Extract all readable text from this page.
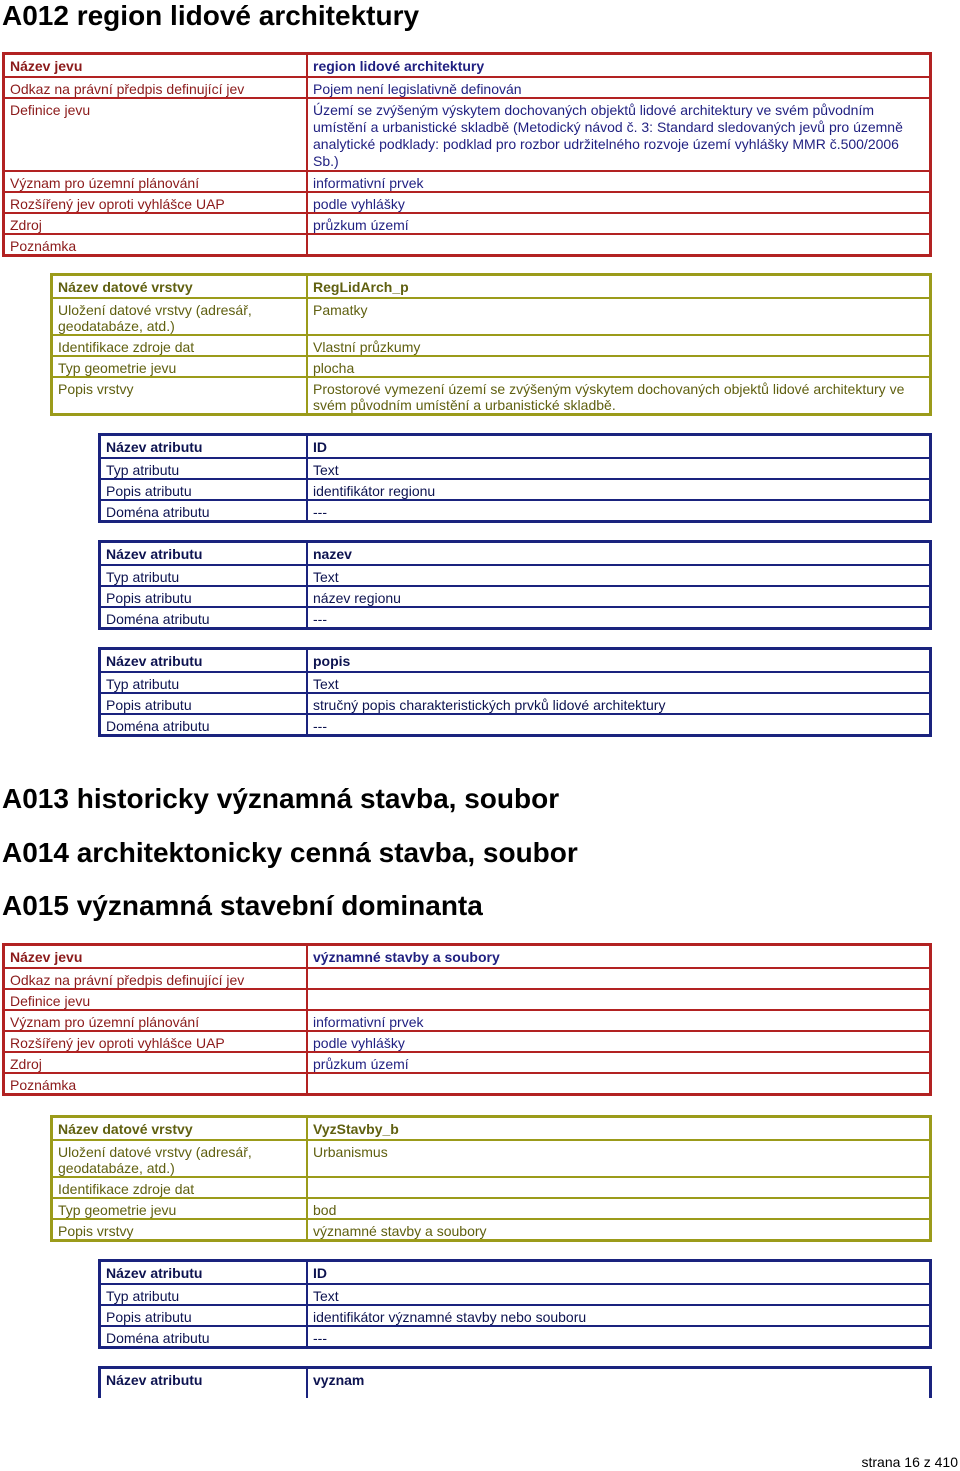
A012 region lidové architektury
Název jevu	region lidové architektury
Odkaz na právní předpis definující jev	Pojem není legislativně definován
Definice jevu	Území se zvýšeným výskytem dochovaných objektů lidové architektury ve svém původním umístění a urbanistické skladbě (Metodický návod č. 3: Standard sledovaných jevů pro územně analytické podklady: podklad pro rozbor udržitelného rozvoje území vyhlášky MMR č.500/2006 Sb.)
Význam pro územní plánování	informativní prvek
Rozšířený jev oproti vyhlášce UAP	podle vyhlášky
Zdroj	průzkum území
Poznámka	
Název datové vrstvy	RegLidArch_p
Uložení datové vrstvy (adresář, geodatabáze, atd.)	Pamatky
Identifikace zdroje dat	Vlastní průzkumy
Typ geometrie jevu	plocha
Popis vrstvy	Prostorové vymezení území se zvýšeným výskytem dochovaných objektů lidové architektury ve svém původním umístění a urbanistické skladbě.
Název atributu	ID
Typ atributu	Text
Popis atributu	identifikátor regionu
Doména atributu	---
Název atributu	nazev
Typ atributu	Text
Popis atributu	název regionu
Doména atributu	---
Název atributu	popis
Typ atributu	Text
Popis atributu	stručný popis charakteristických prvků lidové architektury
Doména atributu	---
A013 historicky významná stavba, soubor
A014 architektonicky cenná stavba, soubor
A015 významná stavební dominanta
Název jevu	významné stavby a soubory
Odkaz na právní předpis definující jev	
Definice jevu	
Význam pro územní plánování	informativní prvek
Rozšířený jev oproti vyhlášce UAP	podle vyhlášky
Zdroj	průzkum území
Poznámka	
Název datové vrstvy	VyzStavby_b
Uložení datové vrstvy (adresář, geodatabáze, atd.)	Urbanismus
Identifikace zdroje dat	
Typ geometrie jevu	bod
Popis vrstvy	významné stavby a soubory
Název atributu	ID
Typ atributu	Text
Popis atributu	identifikátor významné stavby nebo souboru
Doména atributu	---
Název atributu	vyznam
strana 16 z 410
